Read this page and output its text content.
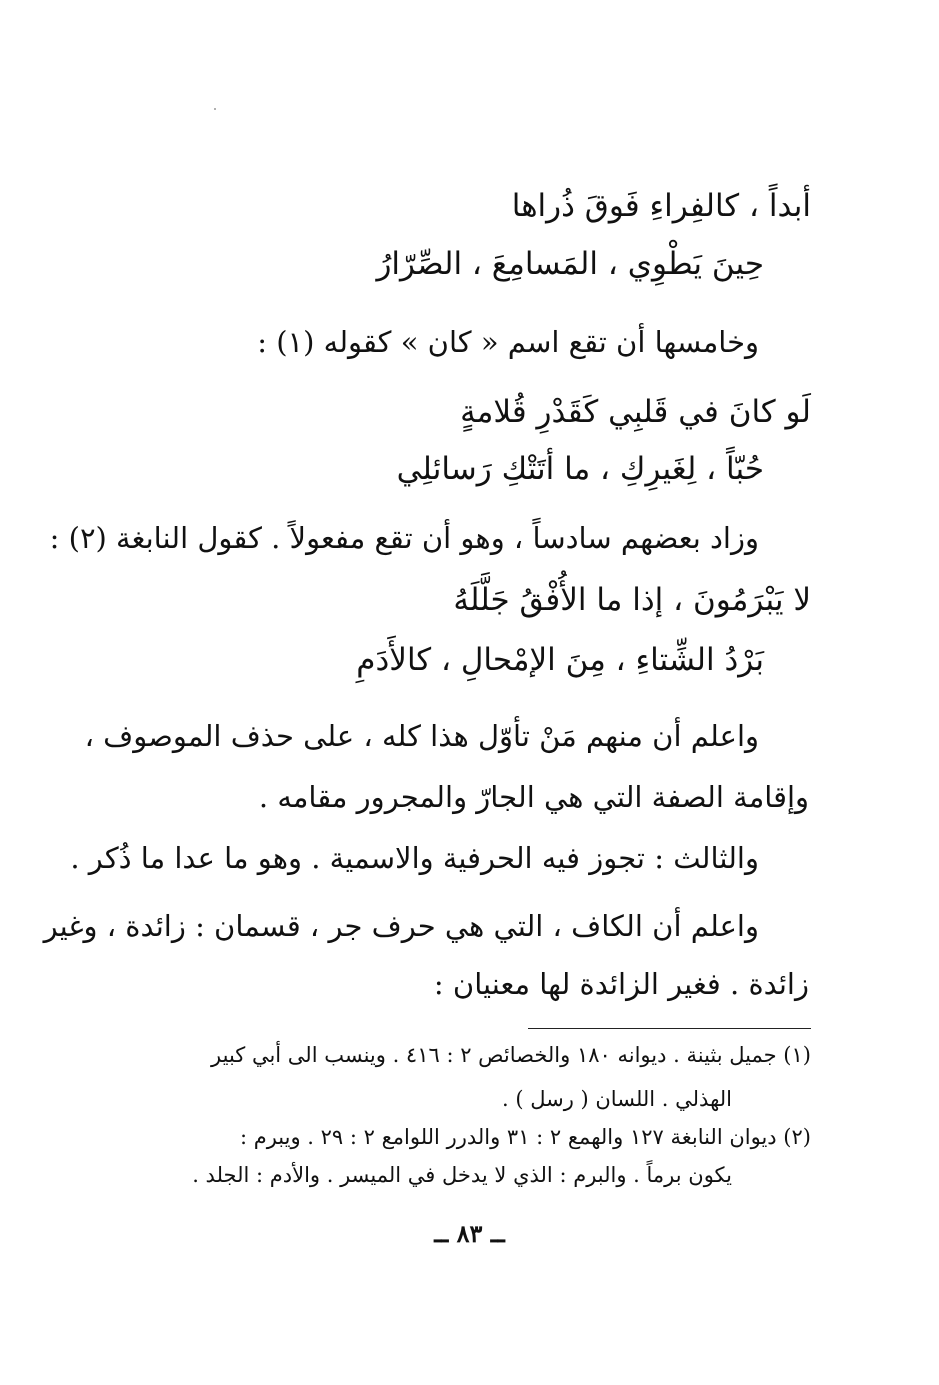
أبداً ، كالفِراءِ فَوقَ ذُراها
حِينَ يَطْوِي ، المَسامِعَ ، الصِّرّارُ
وخامسها أن تقع اسم « كان » كقوله (١) :
لَو كانَ في قَلبِي كَقَدْرِ قُلامةٍ
حُبّاً ، لِغَيرِكِ ، ما أتَتْكِ رَسائلِي
وزاد بعضهم سادساً ، وهو أن تقع مفعولاً . كقول النابغة (٢) :
لا يَبْرَمُونَ ، إذا ما الأُفْقُ جَلَّلَهُ
بَرْدُ الشِّتاءِ ، مِنَ الإمْحالِ ، كالأَدَمِ
واعلم أن منهم مَنْ تأوّل هذا كله ، على حذف الموصوف ،
وإقامة الصفة التي هي الجارّ والمجرور مقامه .
والثالث : تجوز فيه الحرفية والاسمية . وهو ما عدا ما ذُكر .
واعلم أن الكاف ، التي هي حرف جر ، قسمان : زائدة ، وغير
زائدة . فغير الزائدة لها معنيان :
(١) جميل بثينة . ديوانه ١٨٠ والخصائص ٢ : ٤١٦ . وينسب الى أبي كبير
الهذلي . اللسان ( رسل ) .
(٢) ديوان النابغة ١٢٧ والهمع ٢ : ٣١ والدرر اللوامع ٢ : ٢٩ . ويبرم :
يكون برماً . والبرم : الذي لا يدخل في الميسر . والأدم : الجلد .
ــ ٨٣ ــ
